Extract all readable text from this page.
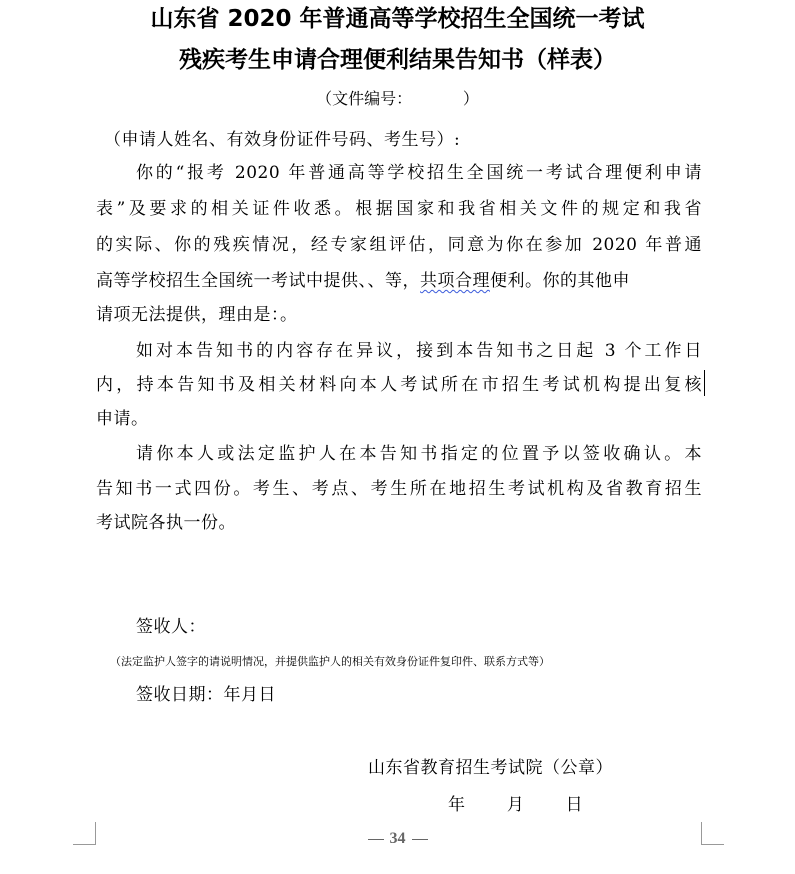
山东省 2020 年普通高等学校招生全国统一考试
残疾考生申请合理便利结果告知书（样表）
（文件编号：          ）
（申请人姓名、有效身份证件号码、考生号）:
你的“报考 2020 年普通高等学校招生全国统一考试合理便利申请
表”及要求的相关证件收悉。根据国家和我省相关文件的规定和我省
的实际、你的残疾情况，经专家组评估，同意为你在参加 2020 年普通
高等学校招生全国统一考试中提供、、等，共项合理便利。你的其他申
请项无法提供，理由是：。
如对本告知书的内容存在异议，接到本告知书之日起 3 个工作日
内，持本告知书及相关材料向本人考试所在市招生考试机构提出复核
申请。
请你本人或法定监护人在本告知书指定的位置予以签收确认。本
告知书一式四份。考生、考点、考生所在地招生考试机构及省教育招生
考试院各执一份。
签收人：
（法定监护人签字的请说明情况，并提供监护人的相关有效身份证件复印件、联系方式等）
签收日期：年月日
山东省教育招生考试院（公章）
年       月       日
34
